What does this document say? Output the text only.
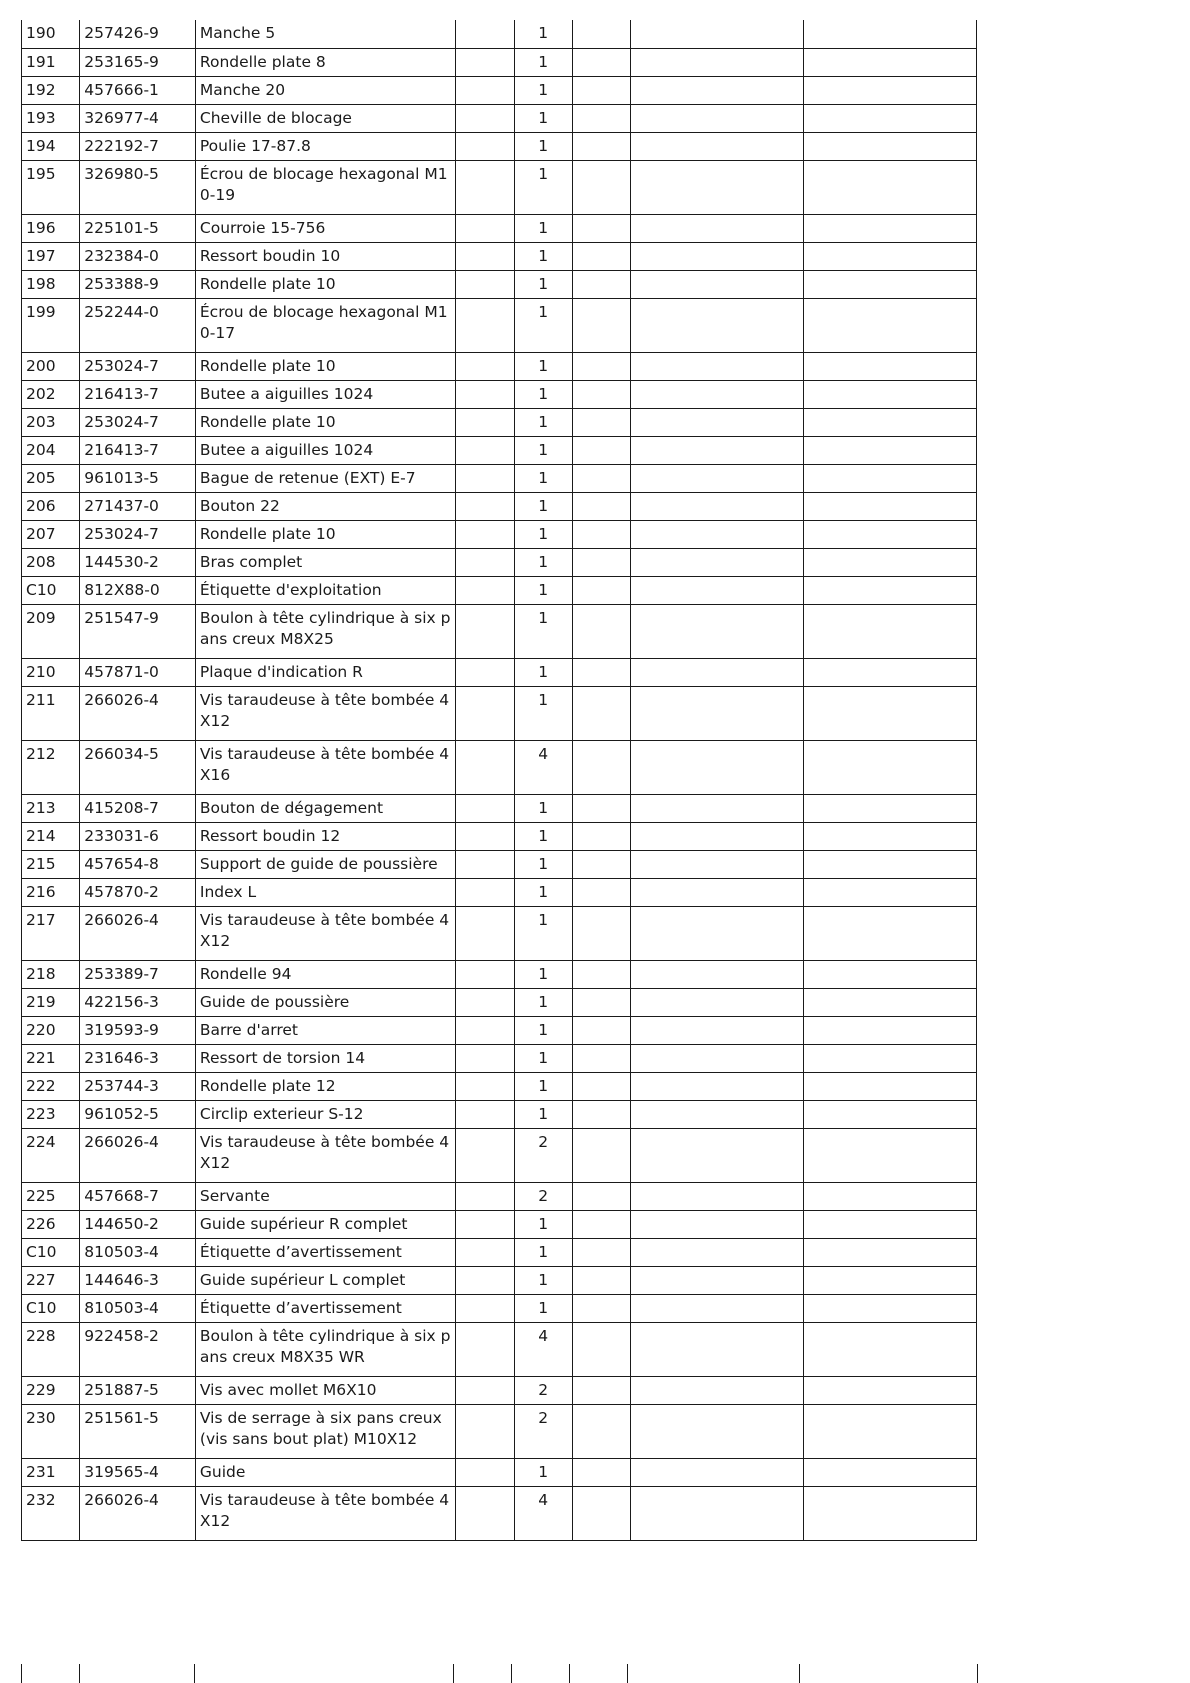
190	257426-9	Manche 5		1			
191	253165-9	Rondelle plate 8		1			
192	457666-1	Manche 20		1			
193	326977-4	Cheville de blocage		1			
194	222192-7	Poulie 17-87.8		1			
195	326980-5	Écrou de blocage hexagonal M10-19		1			
196	225101-5	Courroie 15-756		1			
197	232384-0	Ressort boudin 10		1			
198	253388-9	Rondelle plate 10		1			
199	252244-0	Écrou de blocage hexagonal M10-17		1			
200	253024-7	Rondelle plate 10		1			
202	216413-7	Butee a aiguilles 1024		1			
203	253024-7	Rondelle plate 10		1			
204	216413-7	Butee a aiguilles 1024		1			
205	961013-5	Bague de retenue (EXT) E-7		1			
206	271437-0	Bouton 22		1			
207	253024-7	Rondelle plate 10		1			
208	144530-2	Bras complet		1			
C10	812X88-0	Étiquette d'exploitation		1			
209	251547-9	Boulon à tête cylindrique à six pans creux M8X25		1			
210	457871-0	Plaque d'indication R		1			
211	266026-4	Vis taraudeuse à tête bombée 4X12		1			
212	266034-5	Vis taraudeuse à tête bombée 4X16		4			
213	415208-7	Bouton de dégagement		1			
214	233031-6	Ressort boudin 12		1			
215	457654-8	Support de guide de poussière		1			
216	457870-2	Index L		1			
217	266026-4	Vis taraudeuse à tête bombée 4X12		1			
218	253389-7	Rondelle 94		1			
219	422156-3	Guide de poussière		1			
220	319593-9	Barre d'arret		1			
221	231646-3	Ressort de torsion 14		1			
222	253744-3	Rondelle plate 12		1			
223	961052-5	Circlip exterieur S-12		1			
224	266026-4	Vis taraudeuse à tête bombée 4X12		2			
225	457668-7	Servante		2			
226	144650-2	Guide supérieur R complet		1			
C10	810503-4	Étiquette d’avertissement		1			
227	144646-3	Guide supérieur L complet		1			
C10	810503-4	Étiquette d’avertissement		1			
228	922458-2	Boulon à tête cylindrique à six pans creux M8X35 WR		4			
229	251887-5	Vis avec mollet M6X10		2			
230	251561-5	Vis de serrage à six pans creux (vis sans bout plat) M10X12		2			
231	319565-4	Guide		1			
232	266026-4	Vis taraudeuse à tête bombée 4X12		4			
